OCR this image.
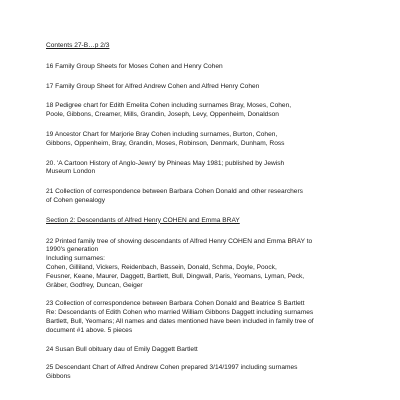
Contents 27-B…p 2/3
16 Family Group Sheets for Moses Cohen and Henry Cohen
17 Family Group Sheet for Alfred Andrew Cohen and Alfred Henry Cohen
18 Pedigree chart for Edith Emelita Cohen including surnames Bray, Moses, Cohen,
Poole, Gibbons, Creamer, Mills, Grandin, Joseph, Levy, Oppenheim, Donaldson
19 Ancestor Chart for Marjorie Bray Cohen including surnames, Burton, Cohen,
Gibbons, Oppenheim, Bray, Grandin, Moses, Robinson, Denmark, Dunham, Ross
20. 'A Cartoon History of Anglo-Jewry' by Phineas May 1981; published by Jewish
Museum London
21 Collection of correspondence between Barbara Cohen Donald and other researchers
of Cohen genealogy
Section 2: Descendants of Alfred Henry COHEN and Emma BRAY
22 Printed family tree of showing descendants of Alfred Henry COHEN and Emma BRAY to
1990's generation
Including surnames:
Cohen, Gilliland, Vickers, Reidenbach, Bassein, Donald, Schma, Doyle, Poock,
Feusner, Keane, Maurer, Daggett, Bartlett, Bull, Dingwall, Paris, Yeomans, Lyman, Peck,
Gräber, Godfrey, Duncan, Geiger
23 Collection of correspondence between Barbara Cohen Donald and Beatrice S Bartlett
Re: Descendants of Edith Cohen who married William Gibbons Daggett including surnames
Bartlett, Bull, Yeomans; All names and dates mentioned have been included in family tree of
document #1 above. 5 pieces
24 Susan Bull obituary dau of Emily Daggett Bartlett
25 Descendant Chart of Alfred Andrew Cohen prepared 3/14/1997 including surnames
Gibbons
